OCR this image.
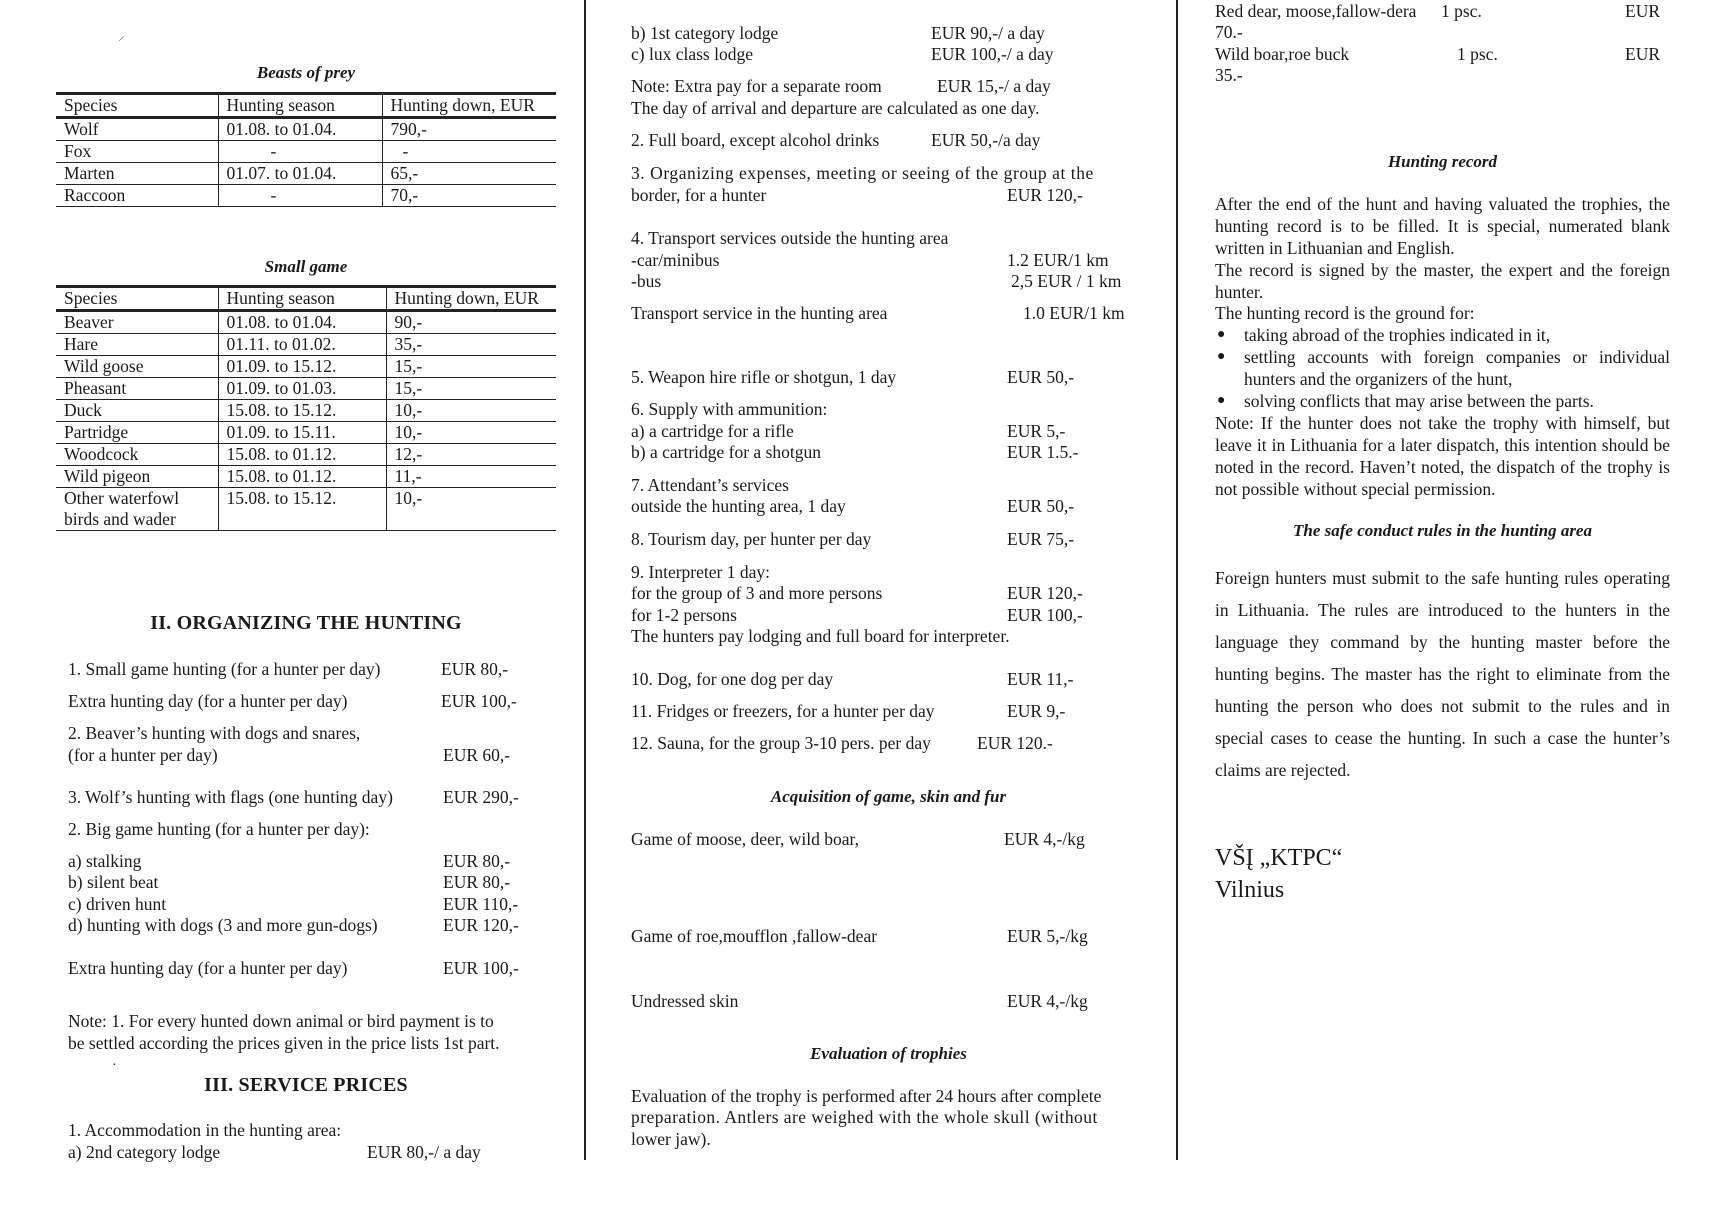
⸝
·
Beasts of prey
Species	Hunting season	Hunting down, EUR
Wolf	01.08. to 01.04.	790,-
Fox	-	-
Marten	01.07. to 01.04.	65,-
Raccoon	-	70,-
Small game
Species	Hunting season	Hunting down, EUR
Beaver	01.08. to 01.04.	90,-
Hare	01.11. to 01.02.	35,-
Wild goose	01.09. to 15.12.	15,-
Pheasant	01.09. to 01.03.	15,-
Duck	15.08. to 15.12.	10,-
Partridge	01.09. to 15.11.	10,-
Woodcock	15.08. to 01.12.	12,-
Wild pigeon	15.08. to 01.12.	11,-
Other waterfowl birds and wader	15.08. to 15.12.	10,-
II. ORGANIZING THE HUNTING
1. Small game hunting (for a hunter per day)	EUR 80,-
Extra hunting day (for a hunter per day)	EUR 100,-
2. Beaver’s hunting with dogs and snares,
(for a hunter per day)	EUR 60,-
3. Wolf’s hunting with flags (one hunting day)	EUR 290,-
2. Big game hunting (for a hunter per day):
a) stalking	EUR 80,-
b) silent beat	EUR 80,-
c) driven hunt	EUR 110,-
d) hunting with dogs (3 and more gun-dogs)	EUR 120,-
Extra hunting day (for a hunter per day)	EUR 100,-
Note: 1. For every hunted down animal or bird payment is to
be settled according the prices given in the price lists 1st part.
III. SERVICE PRICES
1. Accommodation in the hunting area:
a) 2nd category lodge	EUR 80,-/ a day
b) 1st category lodge	EUR 90,-/ a day
c) lux class lodge	EUR 100,-/ a day
Note: Extra pay for a separate room	EUR 15,-/ a day
The day of arrival and departure are calculated as one day.
2. Full board, except alcohol drinks	EUR 50,-/a day
3. Organizing expenses, meeting or seeing of the group at the
border, for a hunter	EUR 120,-
4. Transport services outside the hunting area
-car/minibus	1.2 EUR/1 km
-bus	2,5 EUR / 1 km
Transport service in the hunting area	1.0 EUR/1 km
5. Weapon hire rifle or shotgun, 1 day	EUR 50,-
6. Supply with ammunition:
a) a cartridge for a rifle	EUR 5,-
b) a cartridge for a shotgun	EUR 1.5.-
7. Attendant’s services
outside the hunting area, 1 day	EUR 50,-
8. Tourism day, per hunter per day	EUR 75,-
9. Interpreter 1 day:
for the group of 3 and more persons	EUR 120,-
for 1-2 persons	EUR 100,-
The hunters pay lodging and full board for interpreter.
10. Dog, for one dog per day	EUR 11,-
11. Fridges or freezers, for a hunter per day	EUR 9,-
12. Sauna, for the group 3-10 pers. per day	EUR 120.-
Acquisition of game, skin and fur
Game of moose, deer, wild boar,	EUR 4,-/kg
Game of roe,moufflon ,fallow-dear	EUR 5,-/kg
Undressed skin	EUR 4,-/kg
Evaluation of trophies
Evaluation of the trophy is performed after 24 hours after complete
preparation. Antlers are weighed with the whole skull (without
lower jaw).
Red dear, moose,fallow-dera 1 psc.	EUR
70.-
Wild boar,roe buck	1 psc.	EUR
35.-
Hunting record
After the end of the hunt and having valuated the trophies, the hunting record is to be filled. It is special, numerated blank written in Lithuanian and English.
The record is signed by the master, the expert and the foreign hunter.
The hunting record is the ground for:
●	taking abroad of the trophies indicated in it,
●	settling accounts with foreign companies or individual hunters and the organizers of the hunt,
●	solving conflicts that may arise between the parts.
Note: If the hunter does not take the trophy with himself, but leave it in Lithuania for a later dispatch, this intention should be noted in the record. Haven’t noted, the dispatch of the trophy is not possible without special permission.
The safe conduct rules in the hunting area
Foreign hunters must submit to the safe hunting rules operating in Lithuania. The rules are introduced to the hunters in the language they command by the hunting master before the hunting begins. The master has the right to eliminate from the hunting the person who does not submit to the rules and in special cases to cease the hunting. In such a case the hunter’s claims are rejected.
VŠĮ „KTPC“
Vilnius
